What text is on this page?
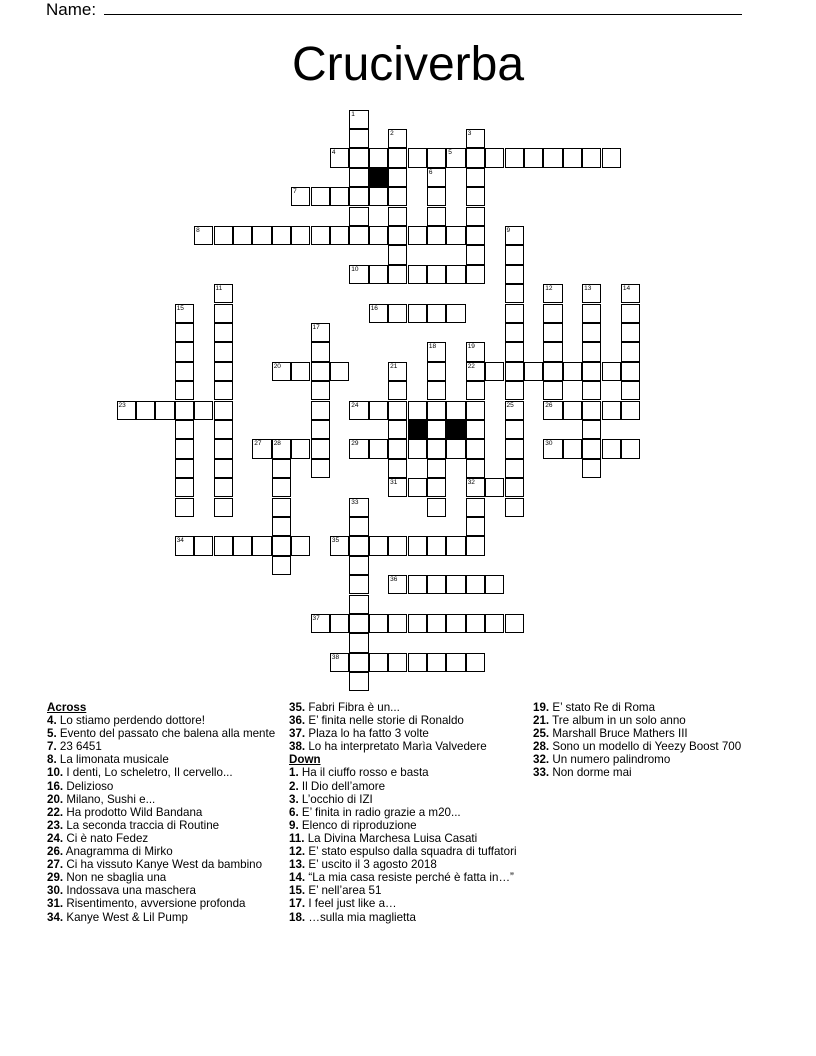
Name:
Cruciverba
1
2	3
4	5
6
7
8	9
25
10
11	12
26
13	14
15	16
17
18	19
22
32
20	21
31
23	24
27 28	29	30
33
34	35
36
37
38
Across
4. Lo stiamo perdendo dottore!
5. Evento del passato che balena alla mente
7. 23 6451
8. La limonata musicale
10. I denti, Lo scheletro, Il cervello...
16. Delizioso
20. Milano, Sushi e...
22. Ha prodotto Wild Bandana
23. La seconda traccia di Routine
24. Ci è nato Fedez
26. Anagramma di Mirko
27. Ci ha vissuto Kanye West da bambino
29. Non ne sbaglia una
30. Indossava una maschera
31. Risentimento, avversione profonda
34. Kanye West & Lil Pump
35. Fabri Fibra è un...
36. E’ finita nelle storie di Ronaldo
37. Plaza lo ha fatto 3 volte
38. Lo ha interpretato Marìa Valvedere
Down
1. Ha il ciuffo rosso e basta
2. Il Dio dell’amore
3. L’occhio di IZI
6. E’ finita in radio grazie a m20...
9. Elenco di riproduzione
11. La Divina Marchesa Luisa Casati
12. E’ stato espulso dalla squadra di tuffatori
13. E’ uscito il 3 agosto 2018
14. “La mia casa resiste perché è fatta in…”
15. E’ nell’area 51
17. I feel just like a…
18. …sulla mia maglietta
19. E’ stato Re di Roma
21. Tre album in un solo anno
25. Marshall Bruce Mathers III
28. Sono un modello di Yeezy Boost 700
32. Un numero palindromo
33. Non dorme mai
